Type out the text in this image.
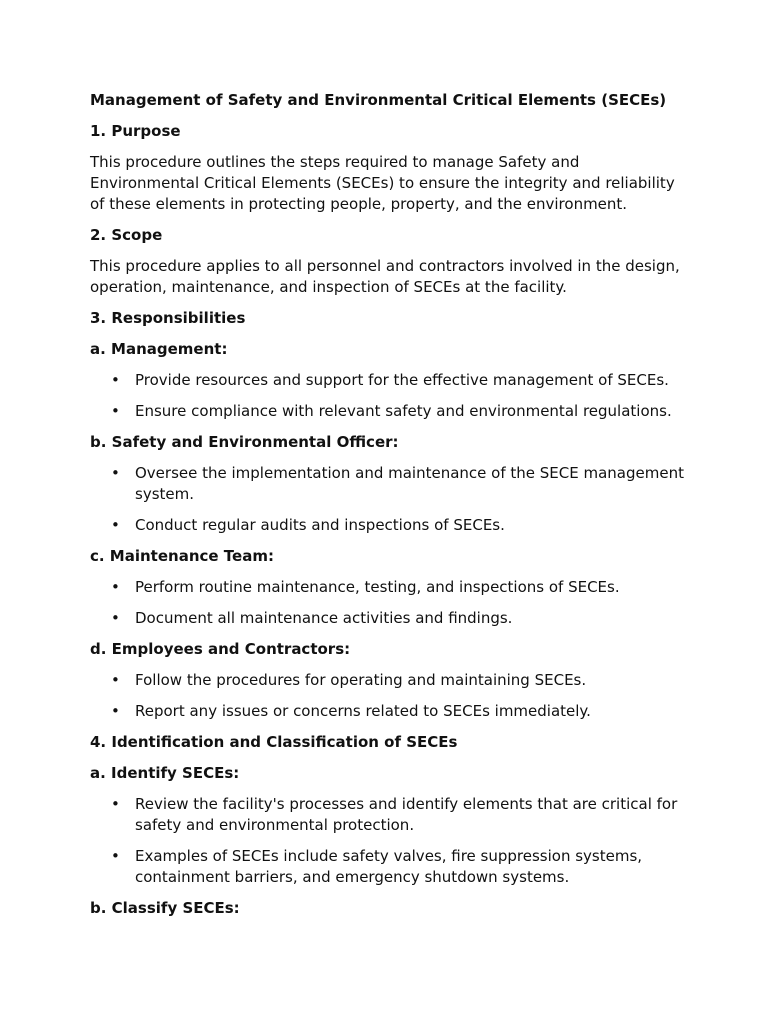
Management of Safety and Environmental Critical Elements (SECEs)
1. Purpose
This procedure outlines the steps required to manage Safety and Environmental Critical Elements (SECEs) to ensure the integrity and reliability of these elements in protecting people, property, and the environment.
2. Scope
This procedure applies to all personnel and contractors involved in the design, operation, maintenance, and inspection of SECEs at the facility.
3. Responsibilities
a. Management:
• Provide resources and support for the effective management of SECEs.
• Ensure compliance with relevant safety and environmental regulations.
b. Safety and Environmental Officer:
• Oversee the implementation and maintenance of the SECE management system.
• Conduct regular audits and inspections of SECEs.
c. Maintenance Team:
• Perform routine maintenance, testing, and inspections of SECEs.
• Document all maintenance activities and findings.
d. Employees and Contractors:
• Follow the procedures for operating and maintaining SECEs.
• Report any issues or concerns related to SECEs immediately.
4. Identification and Classification of SECEs
a. Identify SECEs:
• Review the facility's processes and identify elements that are critical for safety and environmental protection.
• Examples of SECEs include safety valves, fire suppression systems, containment barriers, and emergency shutdown systems.
b. Classify SECEs:
